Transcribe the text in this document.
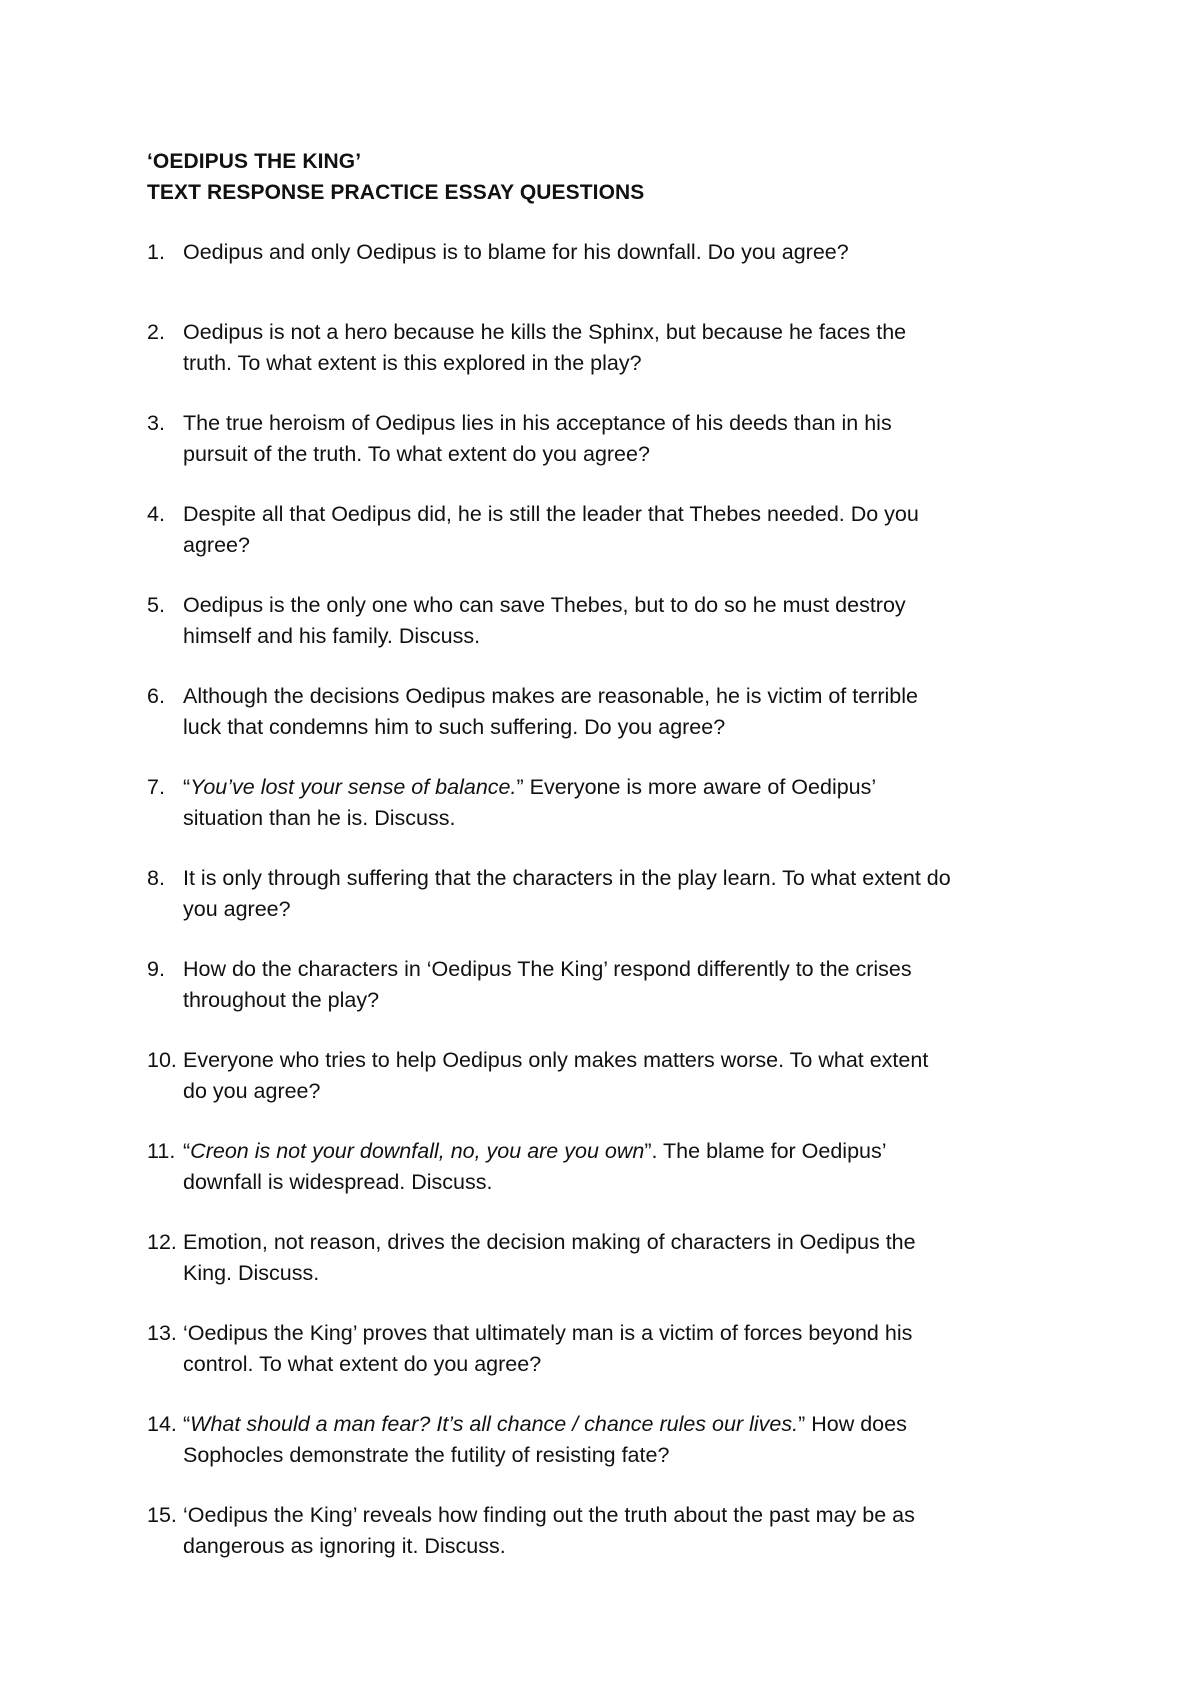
‘OEDIPUS THE KING’
TEXT RESPONSE PRACTICE ESSAY QUESTIONS
1. Oedipus and only Oedipus is to blame for his downfall. Do you agree?
2. Oedipus is not a hero because he kills the Sphinx, but because he faces the
truth. To what extent is this explored in the play?
3. The true heroism of Oedipus lies in his acceptance of his deeds than in his
pursuit of the truth. To what extent do you agree?
4. Despite all that Oedipus did, he is still the leader that Thebes needed. Do you
agree?
5. Oedipus is the only one who can save Thebes, but to do so he must destroy
himself and his family. Discuss.
6. Although the decisions Oedipus makes are reasonable, he is victim of terrible
luck that condemns him to such suffering. Do you agree?
7. “You’ve lost your sense of balance.” Everyone is more aware of Oedipus’
situation than he is. Discuss.
8. It is only through suffering that the characters in the play learn. To what extent do
you agree?
9. How do the characters in ‘Oedipus The King’ respond differently to the crises
throughout the play?
10. Everyone who tries to help Oedipus only makes matters worse. To what extent
do you agree?
11. “Creon is not your downfall, no, you are you own”. The blame for Oedipus’
downfall is widespread. Discuss.
12. Emotion, not reason, drives the decision making of characters in Oedipus the
King. Discuss.
13. ‘Oedipus the King’ proves that ultimately man is a victim of forces beyond his
control. To what extent do you agree?
14. “What should a man fear? It’s all chance / chance rules our lives.” How does
Sophocles demonstrate the futility of resisting fate?
15. ‘Oedipus the King’ reveals how finding out the truth about the past may be as
dangerous as ignoring it. Discuss.
